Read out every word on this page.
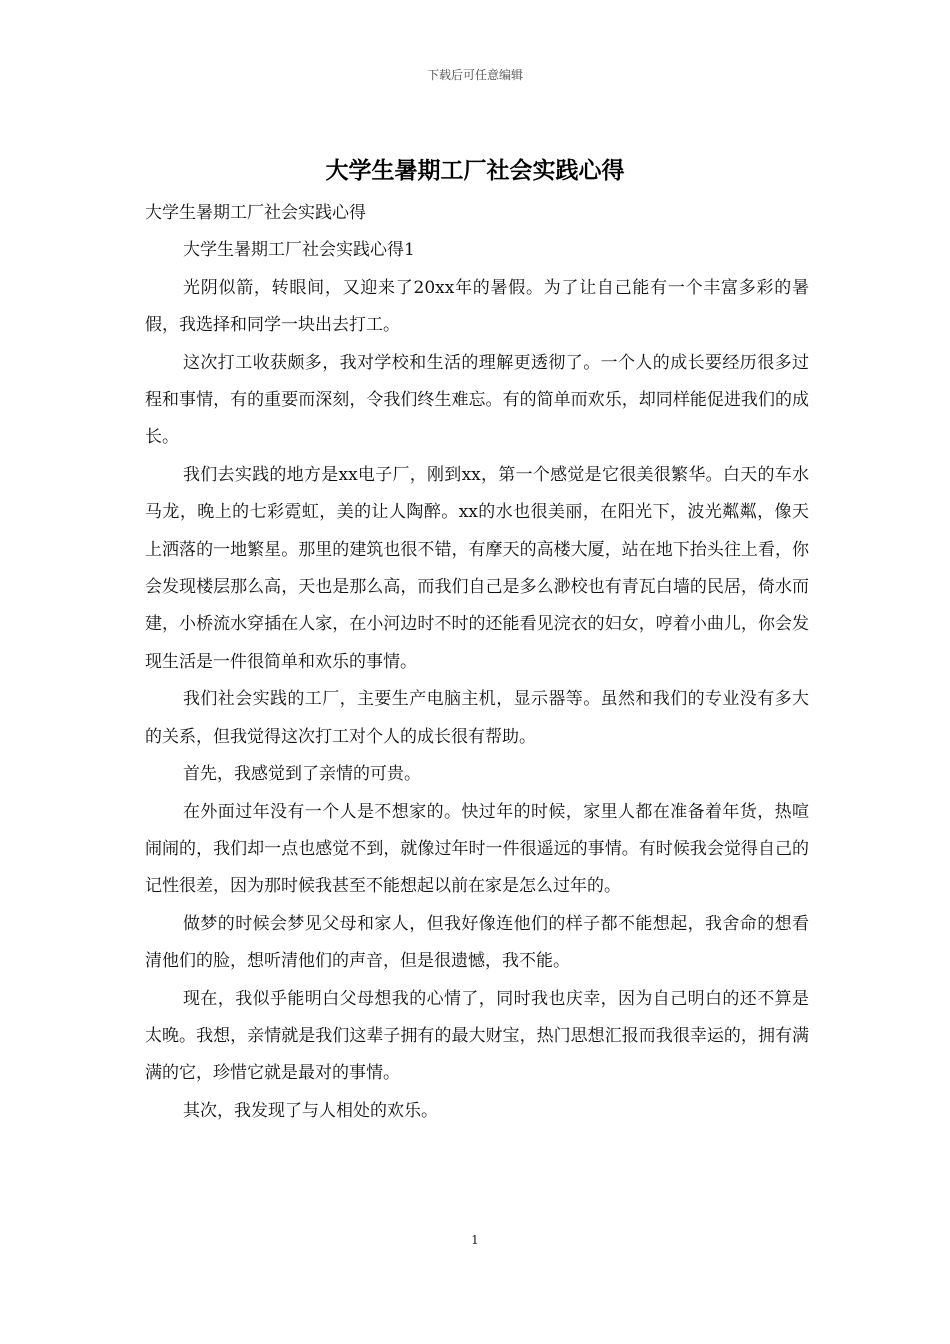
下载后可任意编辑
大学生暑期工厂社会实践心得

大学生暑期工厂社会实践心得

大学生暑期工厂社会实践心得1

光阴似箭，转眼间，又迎来了20xx年的暑假。为了让自己能有一个丰富多彩的暑假，我选择和同学一块出去打工。

这次打工收获颇多，我对学校和生活的理解更透彻了。一个人的成长要经历很多过程和事情，有的重要而深刻，令我们终生难忘。有的简单而欢乐，却同样能促进我们的成长。

我们去实践的地方是xx电子厂，刚到xx，第一个感觉是它很美很繁华。白天的车水马龙，晚上的七彩霓虹，美的让人陶醉。xx的水也很美丽，在阳光下，波光粼粼，像天上洒落的一地繁星。那里的建筑也很不错，有摩天的高楼大厦，站在地下抬头往上看，你会发现楼层那么高，天也是那么高，而我们自己是多么渺校也有青瓦白墙的民居，倚水而建，小桥流水穿插在人家，在小河边时不时的还能看见浣衣的妇女，哼着小曲儿，你会发现生活是一件很简单和欢乐的事情。

我们社会实践的工厂，主要生产电脑主机，显示器等。虽然和我们的专业没有多大的关系，但我觉得这次打工对个人的成长很有帮助。

首先，我感觉到了亲情的可贵。

在外面过年没有一个人是不想家的。快过年的时候，家里人都在准备着年货，热喧闹闹的，我们却一点也感觉不到，就像过年时一件很遥远的事情。有时候我会觉得自己的记性很差，因为那时候我甚至不能想起以前在家是怎么过年的。

做梦的时候会梦见父母和家人，但我好像连他们的样子都不能想起，我舍命的想看清他们的脸，想听清他们的声音，但是很遗憾，我不能。

现在，我似乎能明白父母想我的心情了，同时我也庆幸，因为自己明白的还不算是太晚。我想，亲情就是我们这辈子拥有的最大财宝，热门思想汇报而我很幸运的，拥有满满的它，珍惜它就是最对的事情。

其次，我发现了与人相处的欢乐。

1
